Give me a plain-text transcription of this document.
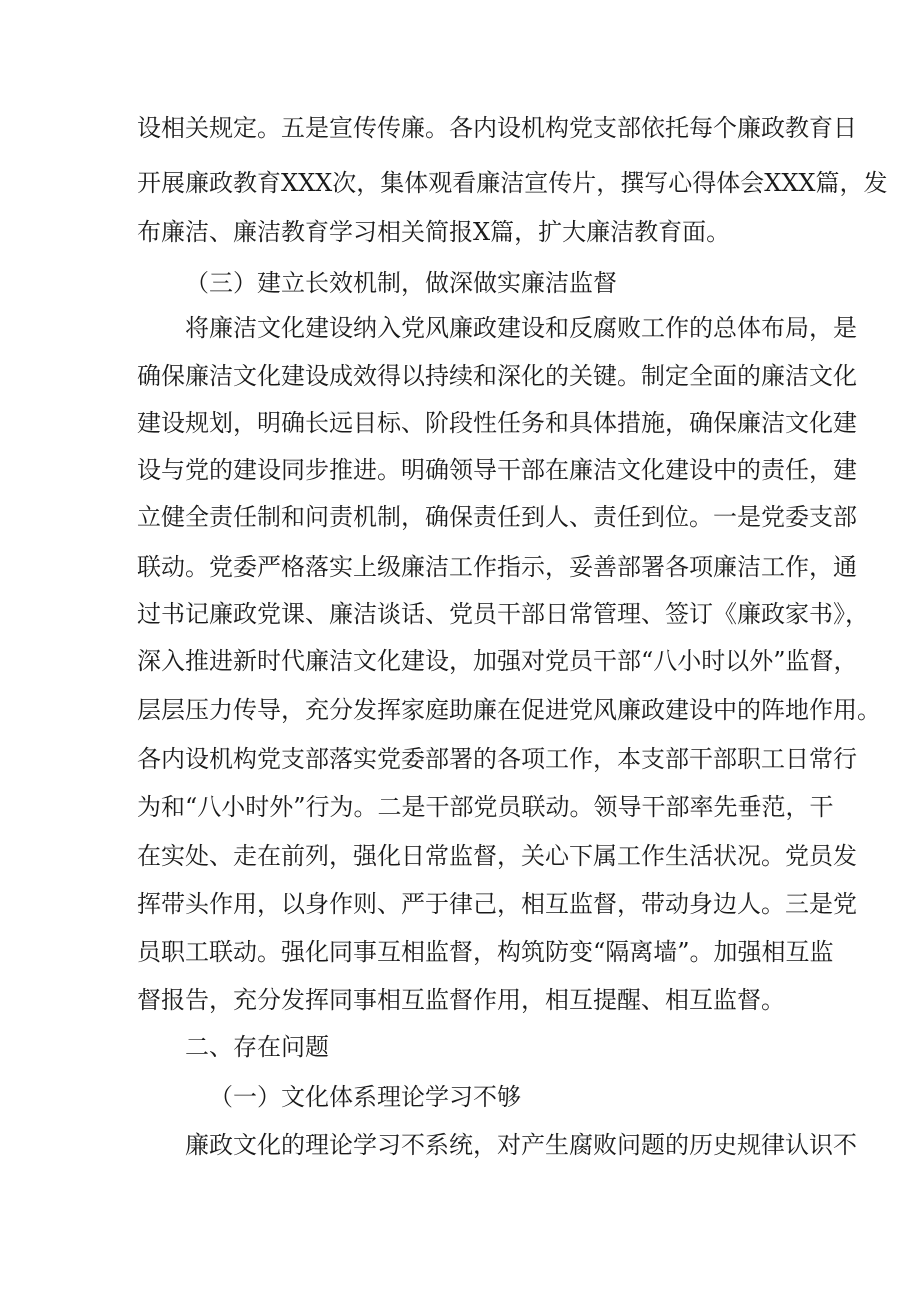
设相关规定。五是宣传传廉。各内设机构党支部依托每个廉政教育日
开展廉政教育XXX次，集体观看廉洁宣传片，撰写心得体会XXX篇，发
布廉洁、廉洁教育学习相关简报X篇，扩大廉洁教育面。
（三）建立长效机制，做深做实廉洁监督
将廉洁文化建设纳入党风廉政建设和反腐败工作的总体布局，是
确保廉洁文化建设成效得以持续和深化的关键。制定全面的廉洁文化
建设规划，明确长远目标、阶段性任务和具体措施，确保廉洁文化建
设与党的建设同步推进。明确领导干部在廉洁文化建设中的责任，建
立健全责任制和问责机制，确保责任到人、责任到位。一是党委支部
联动。党委严格落实上级廉洁工作指示，妥善部署各项廉洁工作，通
过书记廉政党课、廉洁谈话、党员干部日常管理、签订《廉政家书》，
深入推进新时代廉洁文化建设，加强对党员干部“八小时以外”监督，
层层压力传导，充分发挥家庭助廉在促进党风廉政建设中的阵地作用。
各内设机构党支部落实党委部署的各项工作，本支部干部职工日常行
为和“八小时外”行为。二是干部党员联动。领导干部率先垂范，干
在实处、走在前列，强化日常监督，关心下属工作生活状况。党员发
挥带头作用，以身作则、严于律己，相互监督，带动身边人。三是党
员职工联动。强化同事互相监督，构筑防变“隔离墙”。加强相互监
督报告，充分发挥同事相互监督作用，相互提醒、相互监督。
二、存在问题
（一）文化体系理论学习不够
廉政文化的理论学习不系统，对产生腐败问题的历史规律认识不
